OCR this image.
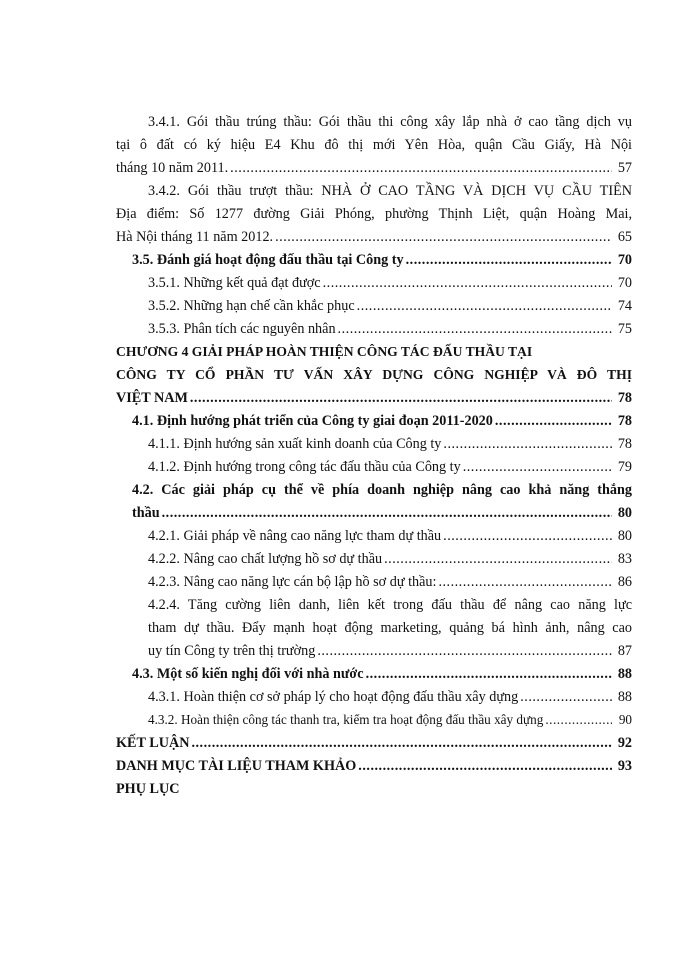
3.4.1. Gói thầu trúng thầu: Gói thầu thi công xây lắp nhà ở cao tầng dịch vụ
tại ô đất có ký hiệu E4 Khu đô thị mới Yên Hòa, quận Cầu Giấy, Hà Nội
tháng 10 năm 2011. .....	57
3.4.2. Gói thầu trượt thầu: NHÀ Ở CAO TẦNG VÀ DỊCH VỤ CẦU TIÊN
Địa điểm: Số 1277 đường Giải Phóng, phường Thịnh Liệt, quận Hoàng Mai,
Hà Nội tháng 11 năm 2012. .....	65
3.5. Đánh giá hoạt động đấu thầu tại Công ty .....	70
3.5.1. Những kết quả đạt được .....	70
3.5.2. Những hạn chế cần khắc phục .....	74
3.5.3. Phân tích các nguyên nhân .....	75
CHƯƠNG 4 GIẢI PHÁP HOÀN THIỆN CÔNG TÁC ĐẤU THẦU TẠI
CÔNG TY CỔ PHẦN TƯ VẤN XÂY DỰNG CÔNG NGHIỆP VÀ ĐÔ THỊ
VIỆT NAM .....	78
4.1. Định hướng phát triển của Công ty giai đoạn 2011-2020 .....	78
4.1.1. Định hướng sản xuất kinh doanh của Công ty .....	78
4.1.2. Định hướng trong công tác đấu thầu của Công ty .....	79
4.2. Các giải pháp cụ thể về phía doanh nghiệp nâng cao khả năng thắng
thầu .....	80
4.2.1. Giải pháp về nâng cao năng lực tham dự thầu .....	80
4.2.2. Nâng cao chất lượng hồ sơ dự thầu .....	83
4.2.3. Nâng cao năng lực cán bộ lập hồ sơ dự thầu: .....	86
4.2.4. Tăng cường liên danh, liên kết trong đấu thầu để nâng cao năng lực
tham dự thầu. Đẩy mạnh hoạt động marketing, quảng bá hình ảnh, nâng cao
uy tín Công ty trên thị trường .....	87
4.3. Một số kiến nghị đối với nhà nước .....	88
4.3.1. Hoàn thiện cơ sở pháp lý cho hoạt động đấu thầu xây dựng .....	88
4.3.2. Hoàn thiện công tác thanh tra, kiểm tra hoạt động đấu thầu xây dựng .....	90
KẾT LUẬN .....	92
DANH MỤC TÀI LIỆU THAM KHẢO .....	93
PHỤ LỤC
